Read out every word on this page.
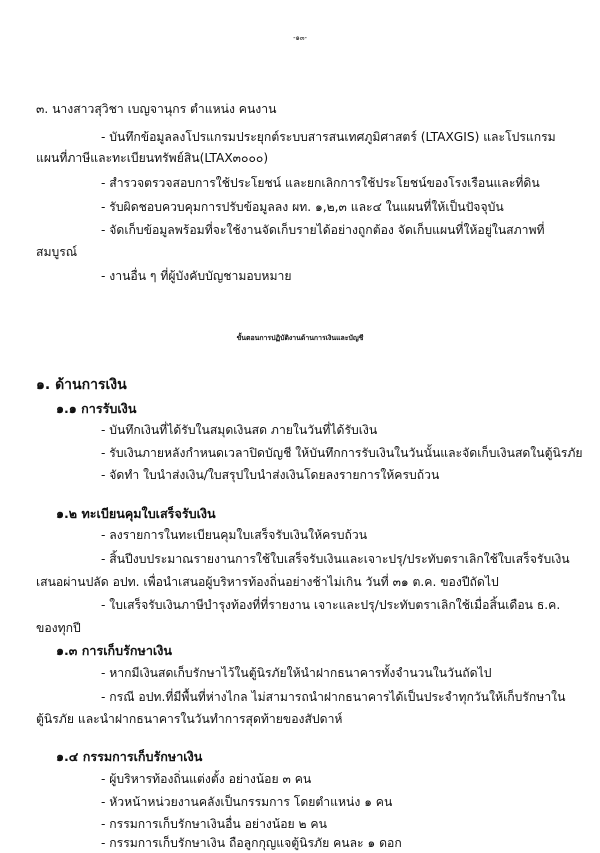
-๑๓-
๓. นางสาวสุวิชา เบญจานุกร ตำแหน่ง คนงาน
- บันทึกข้อมูลลงโปรแกรมประยุกต์ระบบสารสนเทศภูมิศาสตร์ (LTAXGIS) และโปรแกรม
แผนที่ภาษีและทะเบียนทรัพย์สิน(LTAX๓๐๐๐)
- สำรวจตรวจสอบการใช้ประโยชน์ และยกเลิกการใช้ประโยชน์ของโรงเรือนและที่ดิน
- รับผิดชอบควบคุมการปรับข้อมูลลง ผท. ๑,๒,๓ และ๔ ในแผนที่ให้เป็นปัจจุบัน
- จัดเก็บข้อมูลพร้อมที่จะใช้งานจัดเก็บรายได้อย่างถูกต้อง จัดเก็บแผนที่ให้อยู่ในสภาพที่
สมบูรณ์
- งานอื่น ๆ ที่ผู้บังคับบัญชามอบหมาย
ขั้นตอนการปฏิบัติงานด้านการเงินและบัญชี
๑. ด้านการเงิน
๑.๑ การรับเงิน
- บันทึกเงินที่ได้รับในสมุดเงินสด ภายในวันที่ได้รับเงิน
- รับเงินภายหลังกำหนดเวลาปิดบัญชี ให้บันทึกการรับเงินในวันนั้นและจัดเก็บเงินสดในตู้นิรภัย
- จัดทำ ใบนำส่งเงิน/ใบสรุปใบนำส่งเงินโดยลงรายการให้ครบถ้วน
๑.๒ ทะเบียนคุมใบเสร็จรับเงิน
- ลงรายการในทะเบียนคุมใบเสร็จรับเงินให้ครบถ้วน
- สิ้นปีงบประมาณรายงานการใช้ใบเสร็จรับเงินและเจาะปรุ/ประทับตราเลิกใช้ใบเสร็จรับเงิน
เสนอผ่านปลัด อปท. เพื่อนำเสนอผู้บริหารท้องถิ่นอย่างช้าไม่เกิน วันที่ ๓๑ ต.ค. ของปีถัดไป
- ใบเสร็จรับเงินภาษีบำรุงท้องที่ที่รายงาน เจาะและปรุ/ประทับตราเลิกใช้เมื่อสิ้นเดือน ธ.ค.
ของทุกปี
๑.๓ การเก็บรักษาเงิน
- หากมีเงินสดเก็บรักษาไว้ในตู้นิรภัยให้นำฝากธนาคารทั้งจำนวนในวันถัดไป
- กรณี อปท.ที่มีพื้นที่ห่างไกล ไม่สามารถนำฝากธนาคารได้เป็นประจำทุกวันให้เก็บรักษาใน
ตู้นิรภัย และนำฝากธนาคารในวันทำการสุดท้ายของสัปดาห์
๑.๔ กรรมการเก็บรักษาเงิน
- ผู้บริหารท้องถิ่นแต่งตั้ง อย่างน้อย ๓ คน
- หัวหน้าหน่วยงานคลังเป็นกรรมการ โดยตำแหน่ง ๑ คน
- กรรมการเก็บรักษาเงินอื่น อย่างน้อย ๒ คน
- กรรมการเก็บรักษาเงิน ถือลูกกุญแจตู้นิรภัย คนละ ๑ ดอก
